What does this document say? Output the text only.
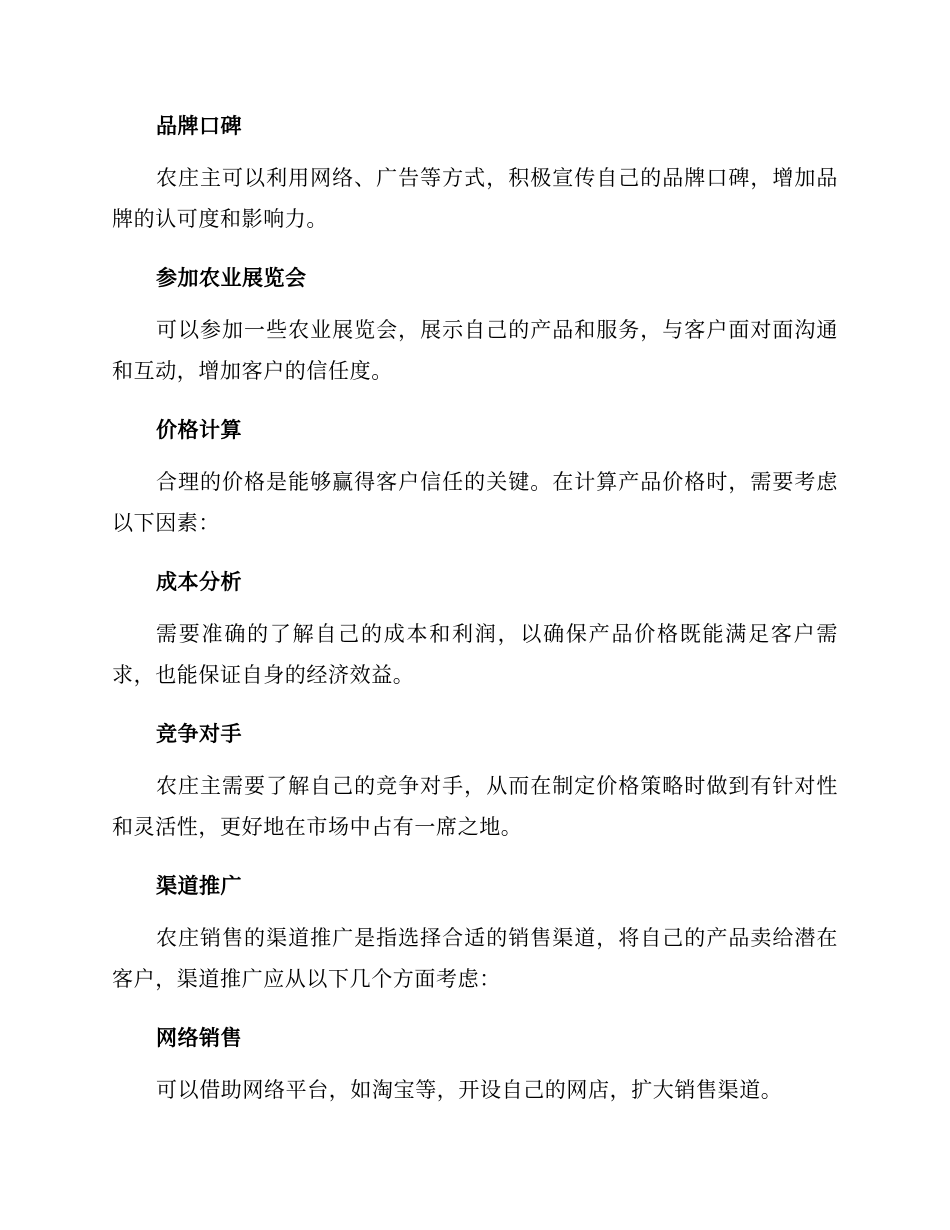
品牌口碑

农庄主可以利用网络、广告等方式，积极宣传自己的品牌口碑，增加品牌的认可度和影响力。

参加农业展览会

可以参加一些农业展览会，展示自己的产品和服务，与客户面对面沟通和互动，增加客户的信任度。

价格计算

合理的价格是能够赢得客户信任的关键。在计算产品价格时，需要考虑以下因素：

成本分析

需要准确的了解自己的成本和利润，以确保产品价格既能满足客户需求，也能保证自身的经济效益。

竞争对手

农庄主需要了解自己的竞争对手，从而在制定价格策略时做到有针对性和灵活性，更好地在市场中占有一席之地。

渠道推广

农庄销售的渠道推广是指选择合适的销售渠道，将自己的产品卖给潜在客户，渠道推广应从以下几个方面考虑：

网络销售

可以借助网络平台，如淘宝等，开设自己的网店，扩大销售渠道。
